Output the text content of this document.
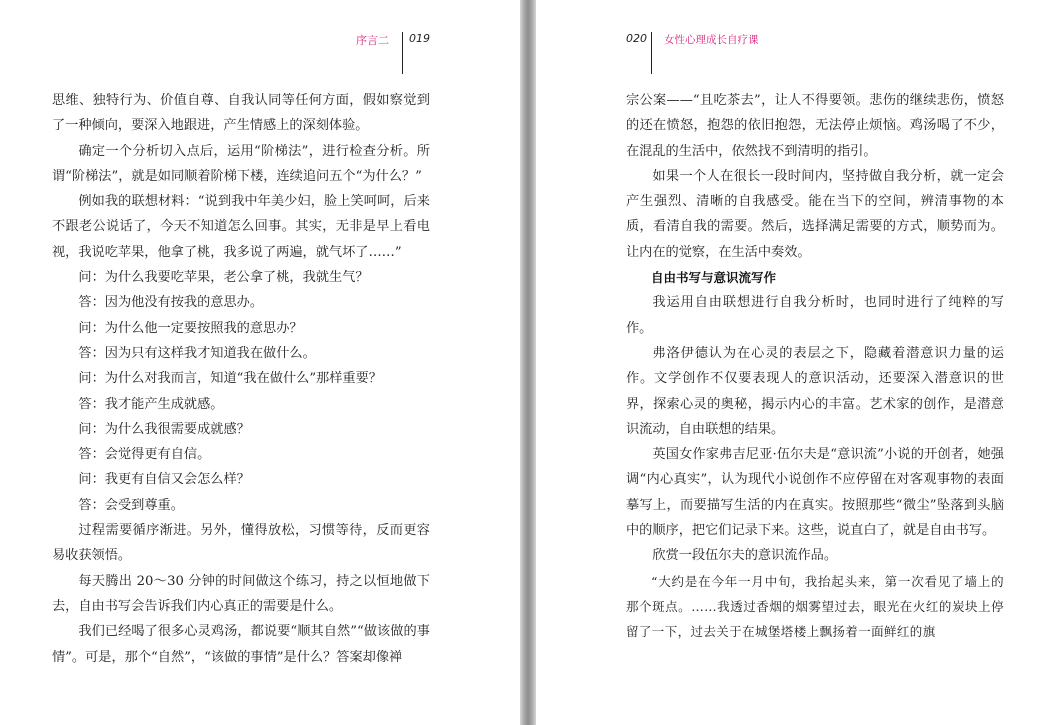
序言二 019	020 女性心理成长自疗课

思维、独特行为、价值自尊、自我认同等任何方面，假如察觉到了一种倾向，要深入地跟进，产生情感上的深刻体验。

确定一个分析切入点后，运用“阶梯法”，进行检查分析。所谓“阶梯法”，就是如同顺着阶梯下楼，连续追问五个“为什么？”

例如我的联想材料：“说到我中年美少妇，脸上笑呵呵，后来不跟老公说话了，今天不知道怎么回事。其实，无非是早上看电视，我说吃苹果，他拿了桃，我多说了两遍，就气坏了……”

问：为什么我要吃苹果，老公拿了桃，我就生气？

答：因为他没有按我的意思办。

问：为什么他一定要按照我的意思办？

答：因为只有这样我才知道我在做什么。

问：为什么对我而言，知道“我在做什么”那样重要？

答：我才能产生成就感。

问：为什么我很需要成就感？

答：会觉得更有自信。

问：我更有自信又会怎么样？

答：会受到尊重。

过程需要循序渐进。另外，懂得放松，习惯等待，反而更容易收获领悟。

每天腾出 20～30 分钟的时间做这个练习，持之以恒地做下去，自由书写会告诉我们内心真正的需要是什么。

我们已经喝了很多心灵鸡汤，都说要“顺其自然”“做该做的事情”。可是，那个“自然”，“该做的事情”是什么？答案却像禅

宗公案——“且吃茶去”，让人不得要领。悲伤的继续悲伤，愤怒的还在愤怒，抱怨的依旧抱怨，无法停止烦恼。鸡汤喝了不少，在混乱的生活中，依然找不到清明的指引。

如果一个人在很长一段时间内，坚持做自我分析，就一定会产生强烈、清晰的自我感受。能在当下的空间，辨清事物的本质，看清自我的需要。然后，选择满足需要的方式，顺势而为。让内在的觉察，在生活中奏效。

自由书写与意识流写作

我运用自由联想进行自我分析时，也同时进行了纯粹的写作。

弗洛伊德认为在心灵的表层之下，隐藏着潜意识力量的运作。文学创作不仅要表现人的意识活动，还要深入潜意识的世界，探索心灵的奥秘，揭示内心的丰富。艺术家的创作，是潜意识流动，自由联想的结果。

英国女作家弗吉尼亚·伍尔夫是“意识流”小说的开创者，她强调“内心真实”，认为现代小说创作不应停留在对客观事物的表面摹写上，而要描写生活的内在真实。按照那些“微尘”坠落到头脑中的顺序，把它们记录下来。这些，说直白了，就是自由书写。

欣赏一段伍尔夫的意识流作品。

“大约是在今年一月中旬，我抬起头来，第一次看见了墙上的那个斑点。……我透过香烟的烟雾望过去，眼光在火红的炭块上停留了一下，过去关于在城堡塔楼上飘扬着一面鲜红的旗
